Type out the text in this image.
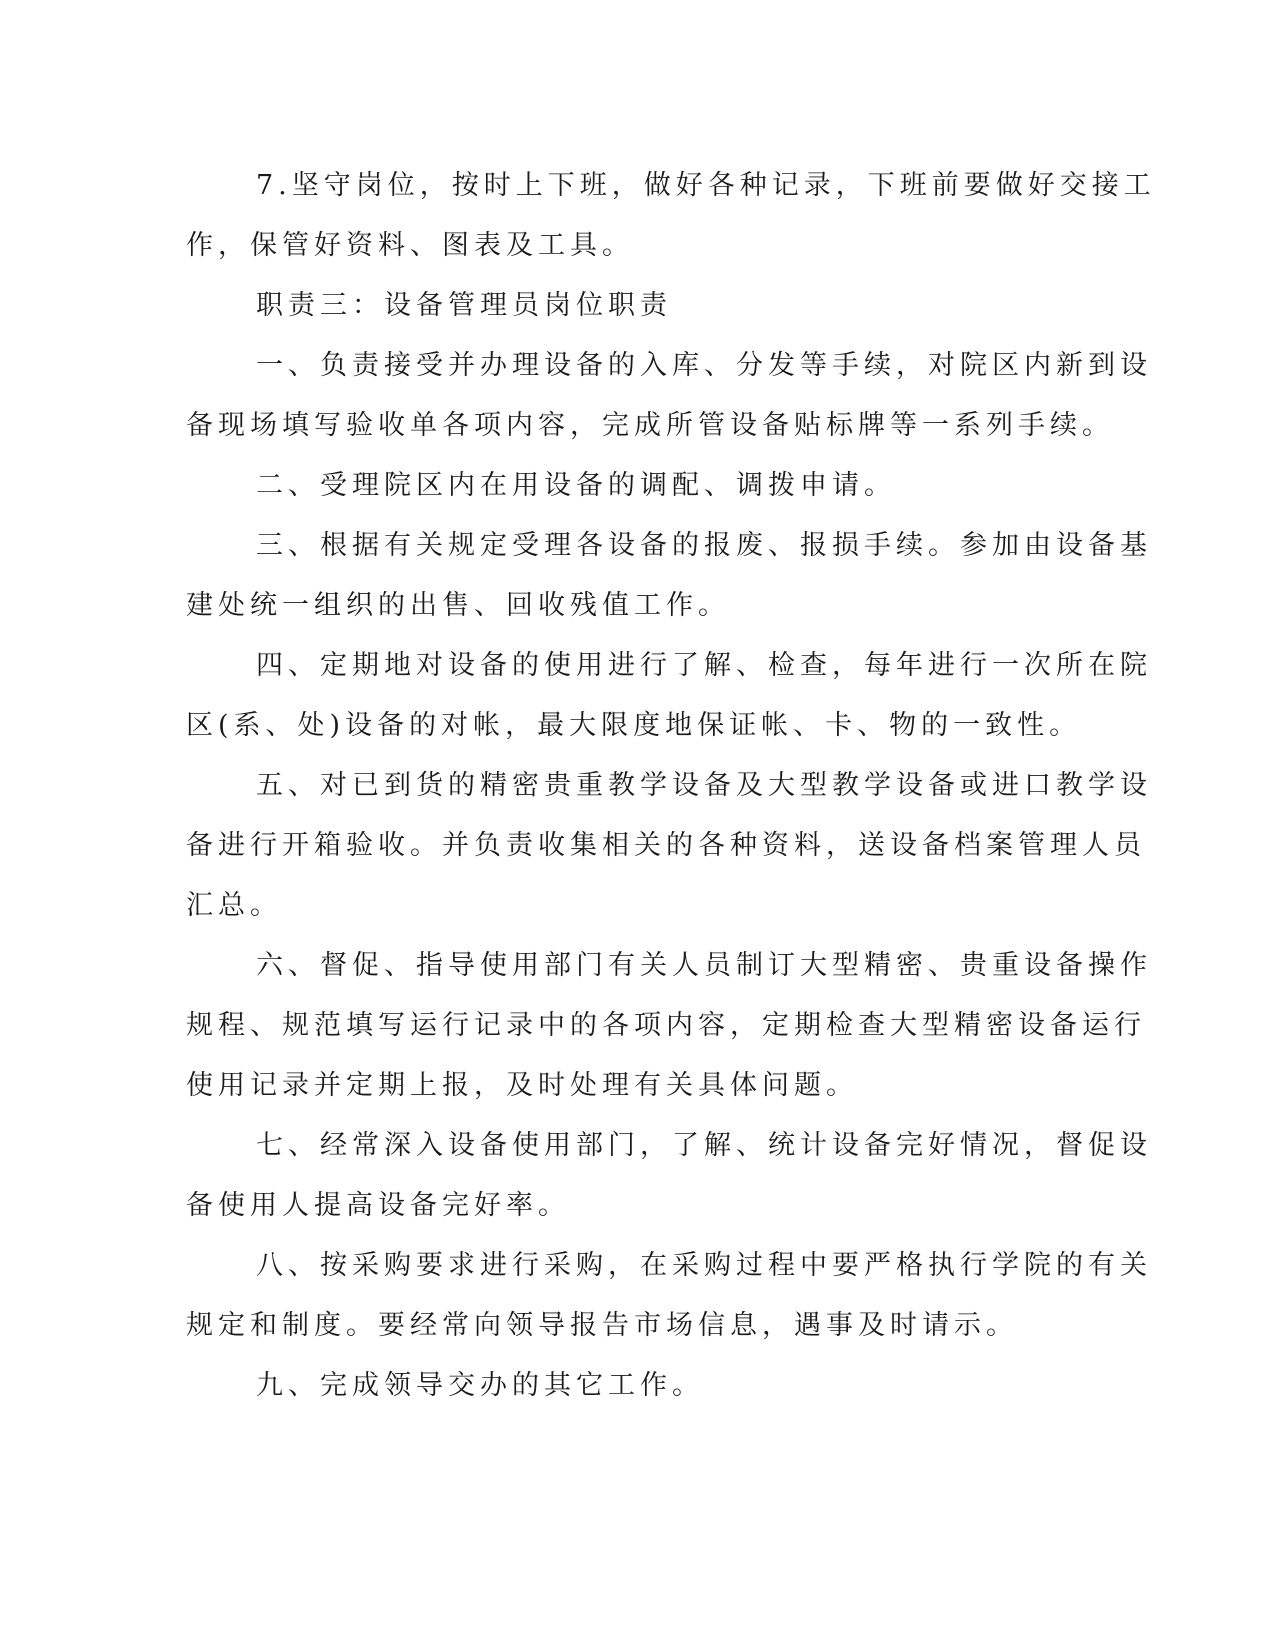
7.坚守岗位，按时上下班，做好各种记录，下班前要做好交接工
作，保管好资料、图表及工具。
职责三：设备管理员岗位职责
一、负责接受并办理设备的入库、分发等手续，对院区内新到设
备现场填写验收单各项内容，完成所管设备贴标牌等一系列手续。
二、受理院区内在用设备的调配、调拨申请。
三、根据有关规定受理各设备的报废、报损手续。参加由设备基
建处统一组织的出售、回收残值工作。
四、定期地对设备的使用进行了解、检查，每年进行一次所在院
区(系、处)设备的对帐，最大限度地保证帐、卡、物的一致性。
五、对已到货的精密贵重教学设备及大型教学设备或进口教学设
备进行开箱验收。并负责收集相关的各种资料，送设备档案管理人员
汇总。
六、督促、指导使用部门有关人员制订大型精密、贵重设备操作
规程、规范填写运行记录中的各项内容，定期检查大型精密设备运行
使用记录并定期上报，及时处理有关具体问题。
七、经常深入设备使用部门，了解、统计设备完好情况，督促设
备使用人提高设备完好率。
八、按采购要求进行采购，在采购过程中要严格执行学院的有关
规定和制度。要经常向领导报告市场信息，遇事及时请示。
九、完成领导交办的其它工作。
